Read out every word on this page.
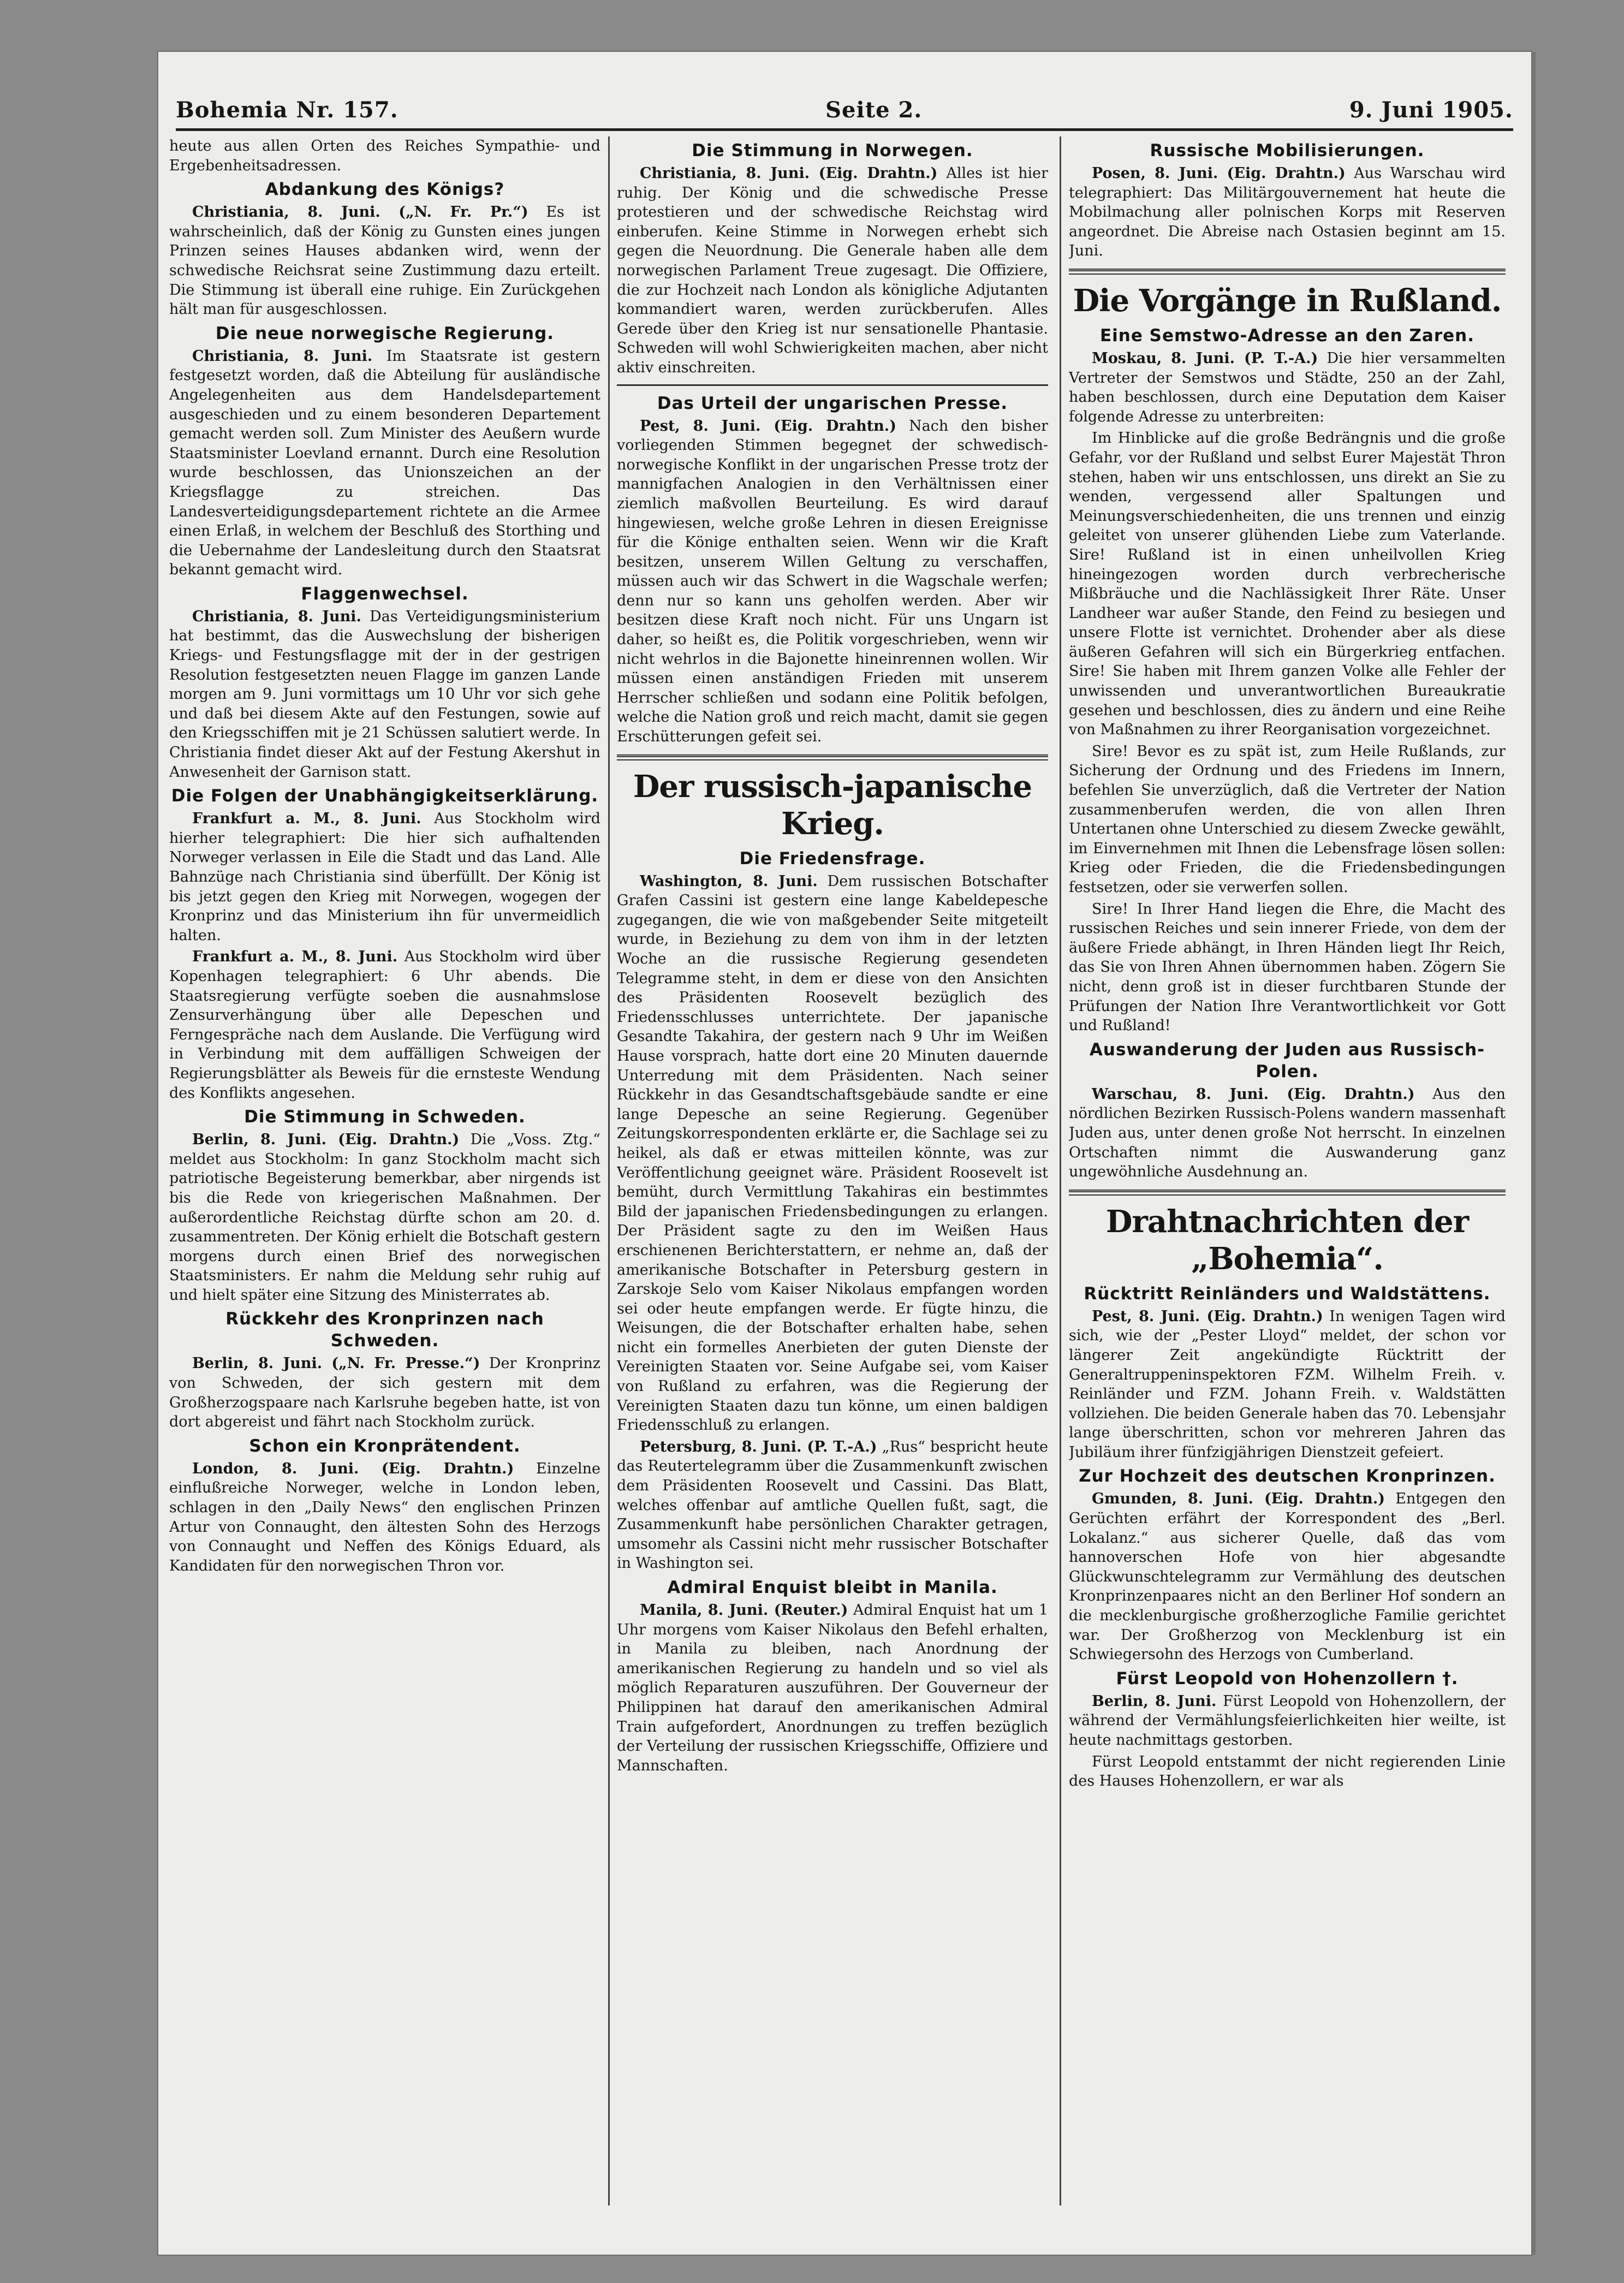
Bohemia Nr. 157.	Seite 2.	9. Juni 1905.

heute aus allen Orten des Reiches Sympathie- und Ergebenheitsadressen.

Abdankung des Königs?

Christiania, 8. Juni. („N. Fr. Pr.“) Es ist wahrscheinlich, daß der König zu Gunsten eines jungen Prinzen seines Hauses abdanken wird, wenn der schwedische Reichsrat seine Zustimmung dazu erteilt. Die Stimmung ist überall eine ruhige. Ein Zurückgehen hält man für ausgeschlossen.

Die neue norwegische Regierung.

Christiania, 8. Juni. Im Staatsrate ist gestern festgesetzt worden, daß die Abteilung für ausländische Angelegenheiten aus dem Handelsdepartement ausgeschieden und zu einem besonderen Departement gemacht werden soll. Zum Minister des Aeußern wurde Staatsminister Loevland ernannt. Durch eine Resolution wurde beschlossen, das Unionszeichen an der Kriegsflagge zu streichen. Das Landesverteidigungsdepartement richtete an die Armee einen Erlaß, in welchem der Beschluß des Storthing und die Uebernahme der Landesleitung durch den Staatsrat bekannt gemacht wird.

Flaggenwechsel.

Christiania, 8. Juni. Das Verteidigungsministerium hat bestimmt, das die Auswechslung der bisherigen Kriegs- und Festungsflagge mit der in der gestrigen Resolution festgesetzten neuen Flagge im ganzen Lande morgen am 9. Juni vormittags um 10 Uhr vor sich gehe und daß bei diesem Akte auf den Festungen, sowie auf den Kriegsschiffen mit je 21 Schüssen salutiert werde. In Christiania findet dieser Akt auf der Festung Akershut in Anwesenheit der Garnison statt.

Die Folgen der Unabhängigkeitserklärung.

Frankfurt a. M., 8. Juni. Aus Stockholm wird hierher telegraphiert: Die hier sich aufhaltenden Norweger verlassen in Eile die Stadt und das Land. Alle Bahnzüge nach Christiania sind überfüllt. Der König ist bis jetzt gegen den Krieg mit Norwegen, wogegen der Kronprinz und das Ministerium ihn für unvermeidlich halten.

Frankfurt a. M., 8. Juni. Aus Stockholm wird über Kopenhagen telegraphiert: 6 Uhr abends. Die Staatsregierung verfügte soeben die ausnahmslose Zensurverhängung über alle Depeschen und Ferngespräche nach dem Auslande. Die Verfügung wird in Verbindung mit dem auffälligen Schweigen der Regierungsblätter als Beweis für die ernsteste Wendung des Konflikts angesehen.

Die Stimmung in Schweden.

Berlin, 8. Juni. (Eig. Drahtn.) Die „Voss. Ztg.“ meldet aus Stockholm: In ganz Stockholm macht sich patriotische Begeisterung bemerkbar, aber nirgends ist bis die Rede von kriegerischen Maßnahmen. Der außerordentliche Reichstag dürfte schon am 20. d. zusammentreten. Der König erhielt die Botschaft gestern morgens durch einen Brief des norwegischen Staatsministers. Er nahm die Meldung sehr ruhig auf und hielt später eine Sitzung des Ministerrates ab.

Rückkehr des Kronprinzen nach Schweden.

Berlin, 8. Juni. („N. Fr. Presse.“) Der Kronprinz von Schweden, der sich gestern mit dem Großherzogspaare nach Karlsruhe begeben hatte, ist von dort abgereist und fährt nach Stockholm zurück.

Schon ein Kronprätendent.

London, 8. Juni. (Eig. Drahtn.) Einzelne einflußreiche Norweger, welche in London leben, schlagen in den „Daily News“ den englischen Prinzen Artur von Connaught, den ältesten Sohn des Herzogs von Connaught und Neffen des Königs Eduard, als Kandidaten für den norwegischen Thron vor.

Die Stimmung in Norwegen.

Christiania, 8. Juni. (Eig. Drahtn.) Alles ist hier ruhig. Der König und die schwedische Presse protestieren und der schwedische Reichstag wird einberufen. Keine Stimme in Norwegen erhebt sich gegen die Neuordnung. Die Generale haben alle dem norwegischen Parlament Treue zugesagt. Die Offiziere, die zur Hochzeit nach London als königliche Adjutanten kommandiert waren, werden zurückberufen. Alles Gerede über den Krieg ist nur sensationelle Phantasie. Schweden will wohl Schwierigkeiten machen, aber nicht aktiv einschreiten.

Das Urteil der ungarischen Presse.

Pest, 8. Juni. (Eig. Drahtn.) Nach den bisher vorliegenden Stimmen begegnet der schwedisch-norwegische Konflikt in der ungarischen Presse trotz der mannigfachen Analogien in den Verhältnissen einer ziemlich maßvollen Beurteilung. Es wird darauf hingewiesen, welche große Lehren in diesen Ereignisse für die Könige enthalten seien. Wenn wir die Kraft besitzen, unserem Willen Geltung zu verschaffen, müssen auch wir das Schwert in die Wagschale werfen; denn nur so kann uns geholfen werden. Aber wir besitzen diese Kraft noch nicht. Für uns Ungarn ist daher, so heißt es, die Politik vorgeschrieben, wenn wir nicht wehrlos in die Bajonette hineinrennen wollen. Wir müssen einen anständigen Frieden mit unserem Herrscher schließen und sodann eine Politik befolgen, welche die Nation groß und reich macht, damit sie gegen Erschütterungen gefeit sei.

Der russisch-japanische Krieg.
Die Friedensfrage.

Washington, 8. Juni. Dem russischen Botschafter Grafen Cassini ist gestern eine lange Kabeldepesche zugegangen, die wie von maßgebender Seite mitgeteilt wurde, in Beziehung zu dem von ihm in der letzten Woche an die russische Regierung gesendeten Telegramme steht, in dem er diese von den Ansichten des Präsidenten Roosevelt bezüglich des Friedensschlusses unterrichtete. Der japanische Gesandte Takahira, der gestern nach 9 Uhr im Weißen Hause vorsprach, hatte dort eine 20 Minuten dauernde Unterredung mit dem Präsidenten. Nach seiner Rückkehr in das Gesandtschaftsgebäude sandte er eine lange Depesche an seine Regierung. Gegenüber Zeitungskorrespondenten erklärte er, die Sachlage sei zu heikel, als daß er etwas mitteilen könnte, was zur Veröffentlichung geeignet wäre. Präsident Roosevelt ist bemüht, durch Vermittlung Takahiras ein bestimmtes Bild der japanischen Friedensbedingungen zu erlangen. Der Präsident sagte zu den im Weißen Haus erschienenen Berichterstattern, er nehme an, daß der amerikanische Botschafter in Petersburg gestern in Zarskoje Selo vom Kaiser Nikolaus empfangen worden sei oder heute empfangen werde. Er fügte hinzu, die Weisungen, die der Botschafter erhalten habe, sehen nicht ein formelles Anerbieten der guten Dienste der Vereinigten Staaten vor. Seine Aufgabe sei, vom Kaiser von Rußland zu erfahren, was die Regierung der Vereinigten Staaten dazu tun könne, um einen baldigen Friedensschluß zu erlangen.

Petersburg, 8. Juni. (P. T.-A.) „Rus“ bespricht heute das Reutertelegramm über die Zusammenkunft zwischen dem Präsidenten Roosevelt und Cassini. Das Blatt, welches offenbar auf amtliche Quellen fußt, sagt, die Zusammenkunft habe persönlichen Charakter getragen, umsomehr als Cassini nicht mehr russischer Botschafter in Washington sei.

Admiral Enquist bleibt in Manila.

Manila, 8. Juni. (Reuter.) Admiral Enquist hat um 1 Uhr morgens vom Kaiser Nikolaus den Befehl erhalten, in Manila zu bleiben, nach Anordnung der amerikanischen Regierung zu handeln und so viel als möglich Reparaturen auszuführen. Der Gouverneur der Philippinen hat darauf den amerikanischen Admiral Train aufgefordert, Anordnungen zu treffen bezüglich der Verteilung der russischen Kriegsschiffe, Offiziere und Mannschaften.

Russische Mobilisierungen.

Posen, 8. Juni. (Eig. Drahtn.) Aus Warschau wird telegraphiert: Das Militärgouvernement hat heute die Mobilmachung aller polnischen Korps mit Reserven angeordnet. Die Abreise nach Ostasien beginnt am 15. Juni.

Die Vorgänge in Rußland.
Eine Semstwo-Adresse an den Zaren.

Moskau, 8. Juni. (P. T.-A.) Die hier versammelten Vertreter der Semstwos und Städte, 250 an der Zahl, haben beschlossen, durch eine Deputation dem Kaiser folgende Adresse zu unterbreiten:

Im Hinblicke auf die große Bedrängnis und die große Gefahr, vor der Rußland und selbst Eurer Majestät Thron stehen, haben wir uns entschlossen, uns direkt an Sie zu wenden, vergessend aller Spaltungen und Meinungsverschiedenheiten, die uns trennen und einzig geleitet von unserer glühenden Liebe zum Vaterlande. Sire! Rußland ist in einen unheilvollen Krieg hineingezogen worden durch verbrecherische Mißbräuche und die Nachlässigkeit Ihrer Räte. Unser Landheer war außer Stande, den Feind zu besiegen und unsere Flotte ist vernichtet. Drohender aber als diese äußeren Gefahren will sich ein Bürgerkrieg entfachen. Sire! Sie haben mit Ihrem ganzen Volke alle Fehler der unwissenden und unverantwortlichen Bureaukratie gesehen und beschlossen, dies zu ändern und eine Reihe von Maßnahmen zu ihrer Reorganisation vorgezeichnet.

Sire! Bevor es zu spät ist, zum Heile Rußlands, zur Sicherung der Ordnung und des Friedens im Innern, befehlen Sie unverzüglich, daß die Vertreter der Nation zusammenberufen werden, die von allen Ihren Untertanen ohne Unterschied zu diesem Zwecke gewählt, im Einvernehmen mit Ihnen die Lebensfrage lösen sollen: Krieg oder Frieden, die die Friedensbedingungen festsetzen, oder sie verwerfen sollen.

Sire! In Ihrer Hand liegen die Ehre, die Macht des russischen Reiches und sein innerer Friede, von dem der äußere Friede abhängt, in Ihren Händen liegt Ihr Reich, das Sie von Ihren Ahnen übernommen haben. Zögern Sie nicht, denn groß ist in dieser furchtbaren Stunde der Prüfungen der Nation Ihre Verantwortlichkeit vor Gott und Rußland!

Auswanderung der Juden aus Russisch-Polen.

Warschau, 8. Juni. (Eig. Drahtn.) Aus den nördlichen Bezirken Russisch-Polens wandern massenhaft Juden aus, unter denen große Not herrscht. In einzelnen Ortschaften nimmt die Auswanderung ganz ungewöhnliche Ausdehnung an.

Drahtnachrichten der „Bohemia“.
Rücktritt Reinländers und Waldstättens.

Pest, 8. Juni. (Eig. Drahtn.) In wenigen Tagen wird sich, wie der „Pester Lloyd“ meldet, der schon vor längerer Zeit angekündigte Rücktritt der Generaltruppeninspektoren FZM. Wilhelm Freih. v. Reinländer und FZM. Johann Freih. v. Waldstätten vollziehen. Die beiden Generale haben das 70. Lebensjahr lange überschritten, schon vor mehreren Jahren das Jubiläum ihrer fünfzigjährigen Dienstzeit gefeiert.

Zur Hochzeit des deutschen Kronprinzen.

Gmunden, 8. Juni. (Eig. Drahtn.) Entgegen den Gerüchten erfährt der Korrespondent des „Berl. Lokalanz.“ aus sicherer Quelle, daß das vom hannoverschen Hofe von hier abgesandte Glückwunschtelegramm zur Vermählung des deutschen Kronprinzenpaares nicht an den Berliner Hof sondern an die mecklenburgische großherzogliche Familie gerichtet war. Der Großherzog von Mecklenburg ist ein Schwiegersohn des Herzogs von Cumberland.

Fürst Leopold von Hohenzollern †.

Berlin, 8. Juni. Fürst Leopold von Hohenzollern, der während der Vermählungsfeierlichkeiten hier weilte, ist heute nachmittags gestorben.

Fürst Leopold entstammt der nicht regierenden Linie des Hauses Hohenzollern, er war als
